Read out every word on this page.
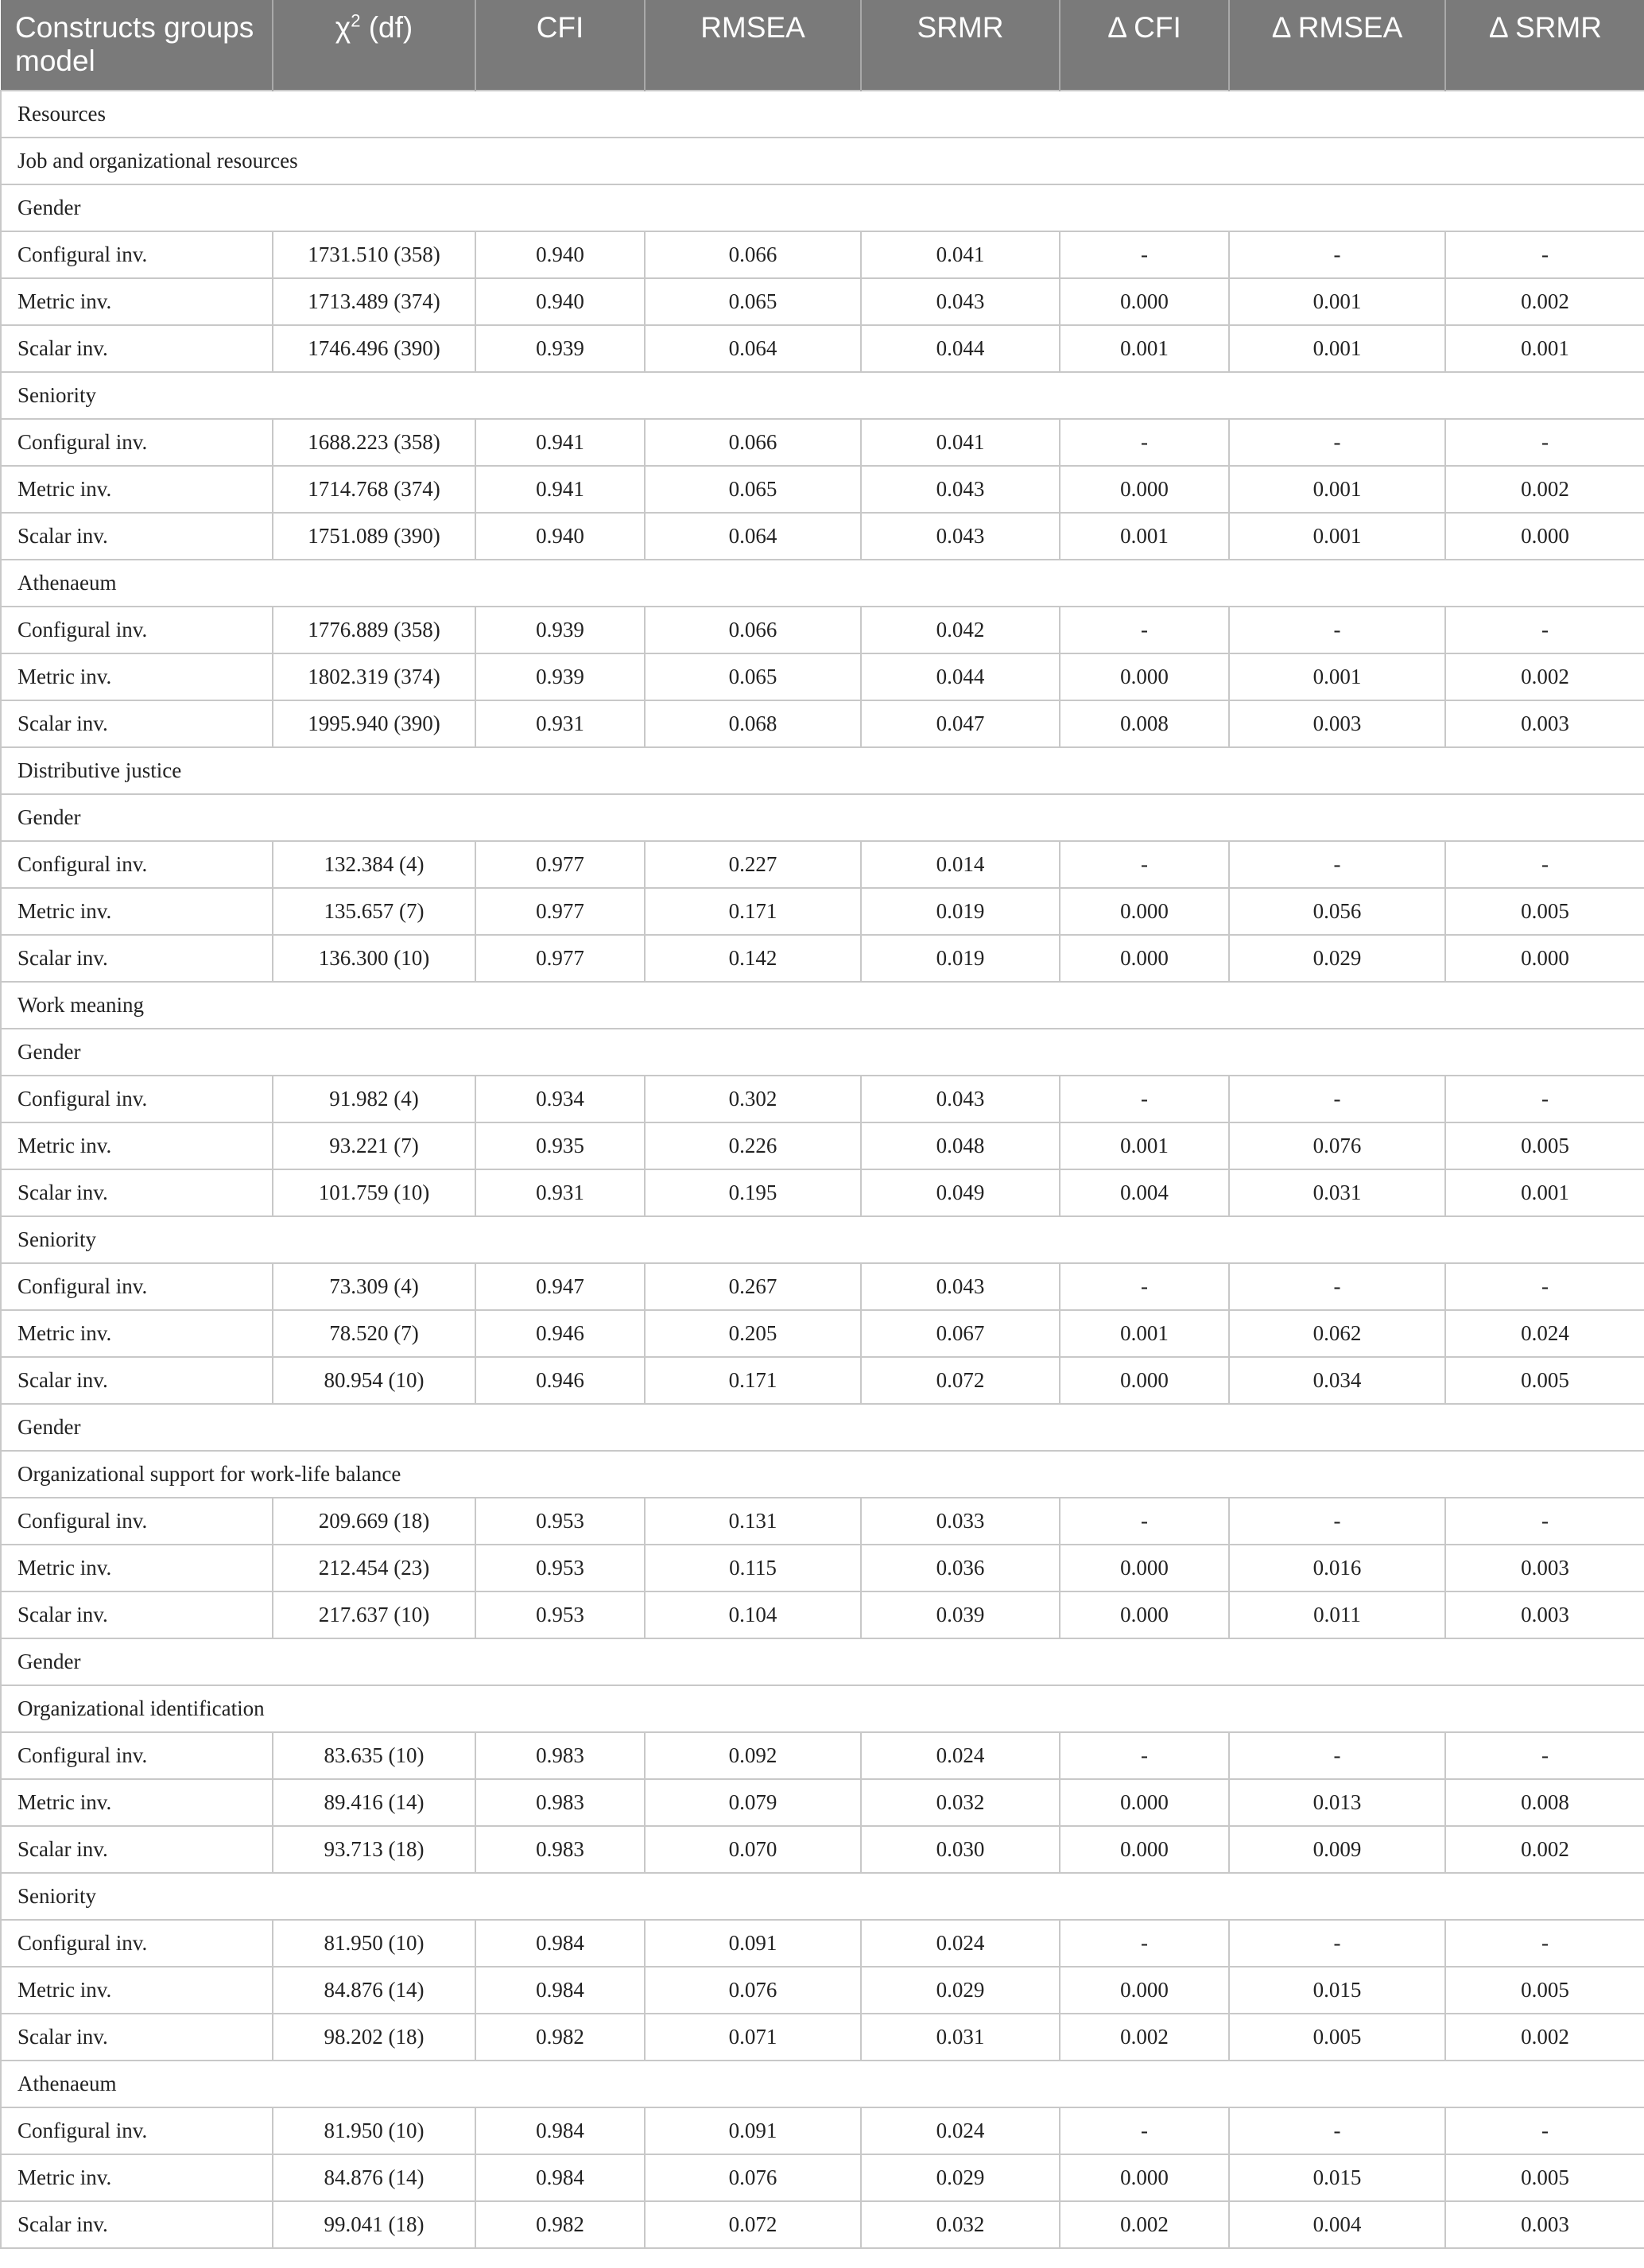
Constructs groups model	$\chi^2$ (df)	CFI	RMSEA	SRMR	Δ CFI	Δ RMSEA	Δ SRMR
Resources							
Job and organizational resources							
Gender							
Configural inv.	1731.510 (358)	0.940	0.066	0.041	-	-	-
Metric inv.	1713.489 (374)	0.940	0.065	0.043	0.000	0.001	0.002
Scalar inv.	1746.496 (390)	0.939	0.064	0.044	0.001	0.001	0.001
Seniority							
Configural inv.	1688.223 (358)	0.941	0.066	0.041	-	-	-
Metric inv.	1714.768 (374)	0.941	0.065	0.043	0.000	0.001	0.002
Scalar inv.	1751.089 (390)	0.940	0.064	0.043	0.001	0.001	0.000
Athenaeum							
Configural inv.	1776.889 (358)	0.939	0.066	0.042	-	-	-
Metric inv.	1802.319 (374)	0.939	0.065	0.044	0.000	0.001	0.002
Scalar inv.	1995.940 (390)	0.931	0.068	0.047	0.008	0.003	0.003
Distributive justice							
Gender							
Configural inv.	132.384 (4)	0.977	0.227	0.014	-	-	-
Metric inv.	135.657 (7)	0.977	0.171	0.019	0.000	0.056	0.005
Scalar inv.	136.300 (10)	0.977	0.142	0.019	0.000	0.029	0.000
Work meaning							
Gender							
Configural inv.	91.982 (4)	0.934	0.302	0.043	-	-	-
Metric inv.	93.221 (7)	0.935	0.226	0.048	0.001	0.076	0.005
Scalar inv.	101.759 (10)	0.931	0.195	0.049	0.004	0.031	0.001
Seniority							
Configural inv.	73.309 (4)	0.947	0.267	0.043	-	-	-
Metric inv.	78.520 (7)	0.946	0.205	0.067	0.001	0.062	0.024
Scalar inv.	80.954 (10)	0.946	0.171	0.072	0.000	0.034	0.005
Gender							
Organizational support for work-life balance							
Configural inv.	209.669 (18)	0.953	0.131	0.033	-	-	-
Metric inv.	212.454 (23)	0.953	0.115	0.036	0.000	0.016	0.003
Scalar inv.	217.637 (10)	0.953	0.104	0.039	0.000	0.011	0.003
Gender							
Organizational identification							
Configural inv.	83.635 (10)	0.983	0.092	0.024	-	-	-
Metric inv.	89.416 (14)	0.983	0.079	0.032	0.000	0.013	0.008
Scalar inv.	93.713 (18)	0.983	0.070	0.030	0.000	0.009	0.002
Seniority							
Configural inv.	81.950 (10)	0.984	0.091	0.024	-	-	-
Metric inv.	84.876 (14)	0.984	0.076	0.029	0.000	0.015	0.005
Scalar inv.	98.202 (18)	0.982	0.071	0.031	0.002	0.005	0.002
Athenaeum							
Configural inv.	81.950 (10)	0.984	0.091	0.024	-	-	-
Metric inv.	84.876 (14)	0.984	0.076	0.029	0.000	0.015	0.005
Scalar inv.	99.041 (18)	0.982	0.072	0.032	0.002	0.004	0.003
